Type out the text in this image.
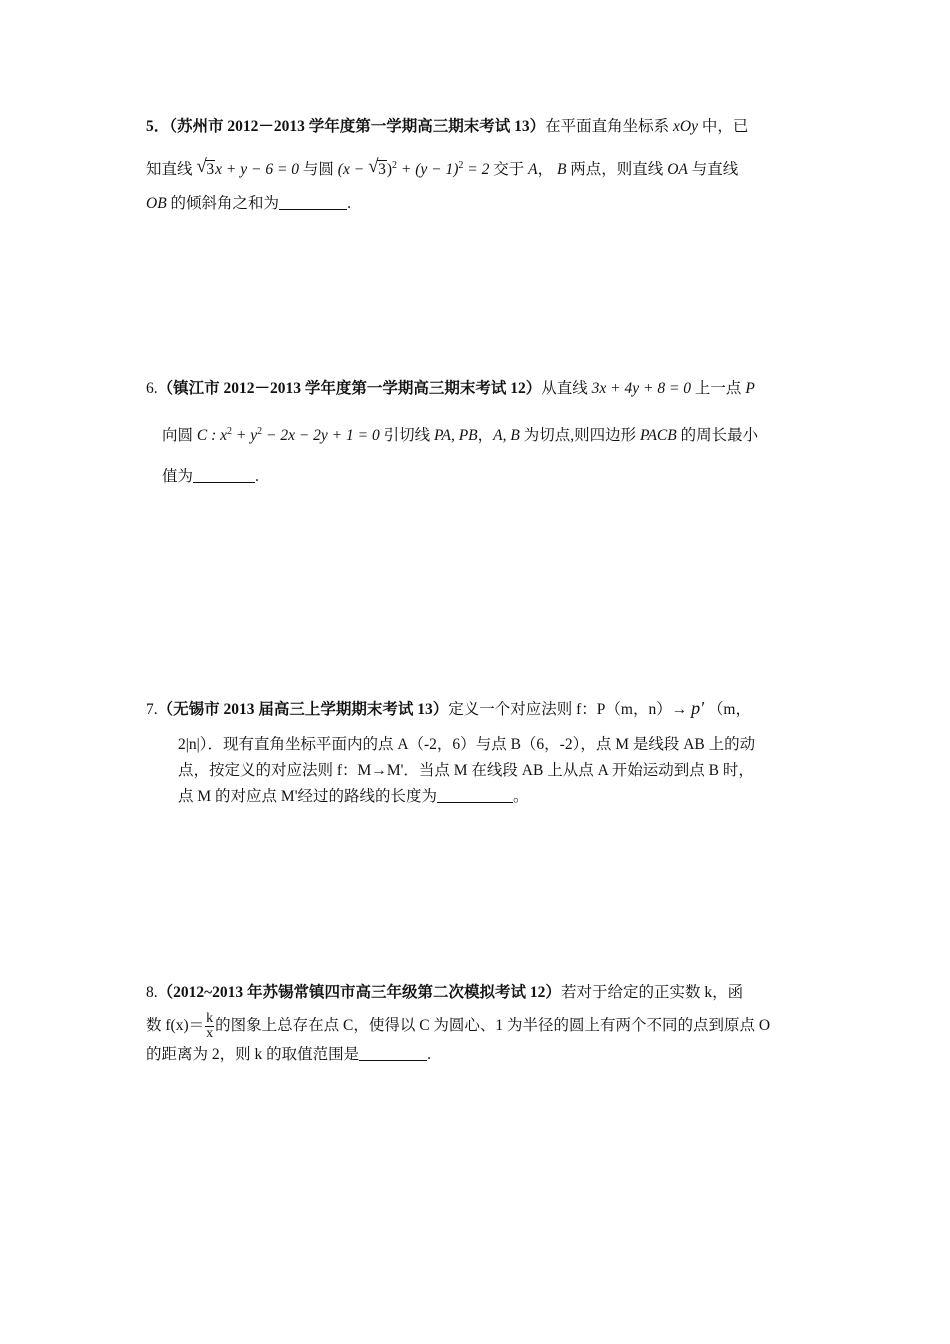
5．（苏州市 2012－2013 学年度第一学期高三期末考试 13）在平面直角坐标系 xOy 中，已
知直线 √ 3x + y − 6 = 0 与圆 (x − √ $3)^2 + (y - 1)^2 = 2$ 交于 A， B 两点，则直线 OA 与直线
OB 的倾斜角之和为	.
6.（镇江市 2012－2013 学年度第一学期高三期末考试 12）从直线 3x + 4y + 8 = 0 上一点 P
向圆 C : $x^2 + y^2 - 2x - 2y + 1 = 0$ 引切线 PA, PB，A, B 为切点,则四边形 PACB 的周长最小
值为	.
7.（无锡市 2013 届高三上学期期末考试 13）定义一个对应法则 f：P（m，n）→ p′ （m，
2|n|）．现有直角坐标平面内的点 A（-2，6）与点 B（6，-2），点 M 是线段 AB 上的动
点，按定义的对应法则 f：M→M'．当点 M 在线段 AB 上从点 A 开始运动到点 B 时，
点 M 的对应点 M'经过的路线的长度为	。
8.（2012~2013 年苏锡常镇四市高三年级第二次模拟考试 12）若对于给定的正实数 k，函
数 $f(x)= \frac{k}{x}$ 的图象上总存在点 C，使得以 C 为圆心、1 为半径的圆上有两个不同的点到原点 O
的距离为 2，则 k 的取值范围是	.
